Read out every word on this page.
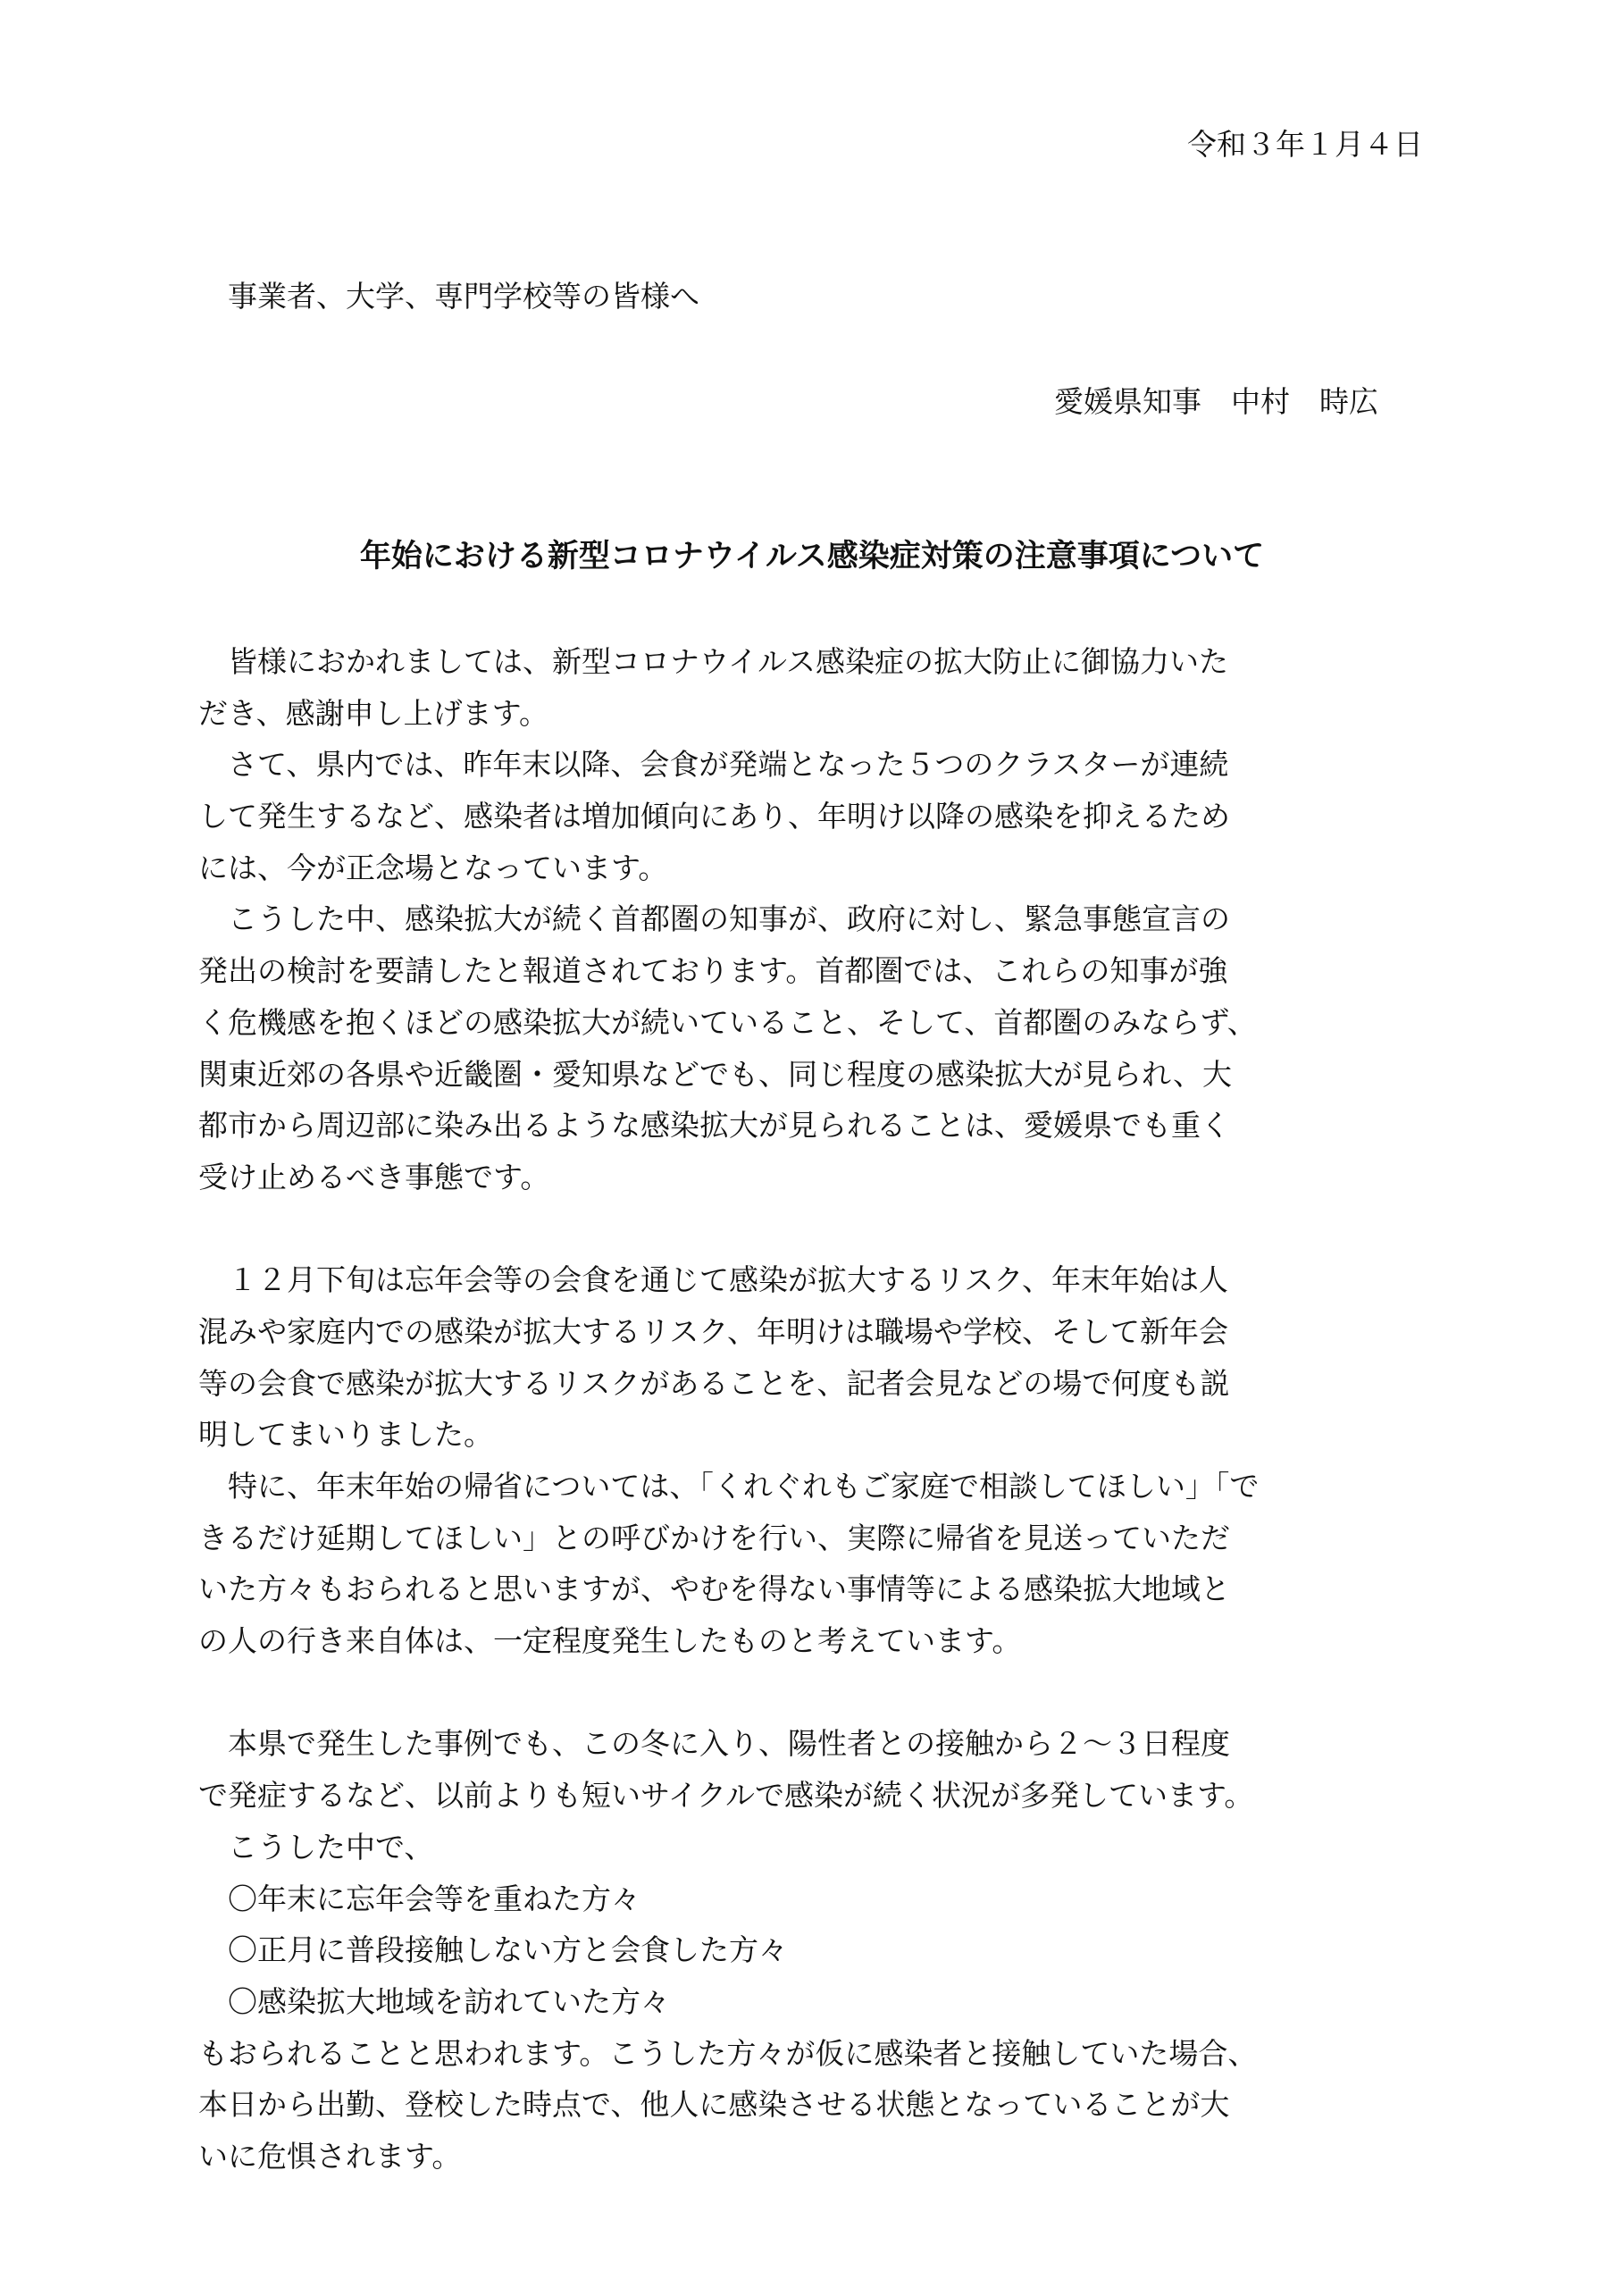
令和３年１月４日
事業者、大学、専門学校等の皆様へ
愛媛県知事　中村　時広
年始における新型コロナウイルス感染症対策の注意事項について
　皆様におかれましては、新型コロナウイルス感染症の拡大防止に御協力いた
だき、感謝申し上げます。
　さて、県内では、昨年末以降、会食が発端となった５つのクラスターが連続
して発生するなど、感染者は増加傾向にあり、年明け以降の感染を抑えるため
には、今が正念場となっています。
　こうした中、感染拡大が続く首都圏の知事が、政府に対し、緊急事態宣言の
発出の検討を要請したと報道されております。首都圏では、これらの知事が強
く危機感を抱くほどの感染拡大が続いていること、そして、首都圏のみならず、
関東近郊の各県や近畿圏・愛知県などでも、同じ程度の感染拡大が見られ、大
都市から周辺部に染み出るような感染拡大が見られることは、愛媛県でも重く
受け止めるべき事態です。
　１２月下旬は忘年会等の会食を通じて感染が拡大するリスク、年末年始は人
混みや家庭内での感染が拡大するリスク、年明けは職場や学校、そして新年会
等の会食で感染が拡大するリスクがあることを、記者会見などの場で何度も説
明してまいりました。
　特に、年末年始の帰省については、「くれぐれもご家庭で相談してほしい」「で
きるだけ延期してほしい」との呼びかけを行い、実際に帰省を見送っていただ
いた方々もおられると思いますが、やむを得ない事情等による感染拡大地域と
の人の行き来自体は、一定程度発生したものと考えています。
　本県で発生した事例でも、この冬に入り、陽性者との接触から２～３日程度
で発症するなど、以前よりも短いサイクルで感染が続く状況が多発しています。
　こうした中で、
　〇年末に忘年会等を重ねた方々
　〇正月に普段接触しない方と会食した方々
　〇感染拡大地域を訪れていた方々
もおられることと思われます。こうした方々が仮に感染者と接触していた場合、
本日から出勤、登校した時点で、他人に感染させる状態となっていることが大
いに危惧されます。
